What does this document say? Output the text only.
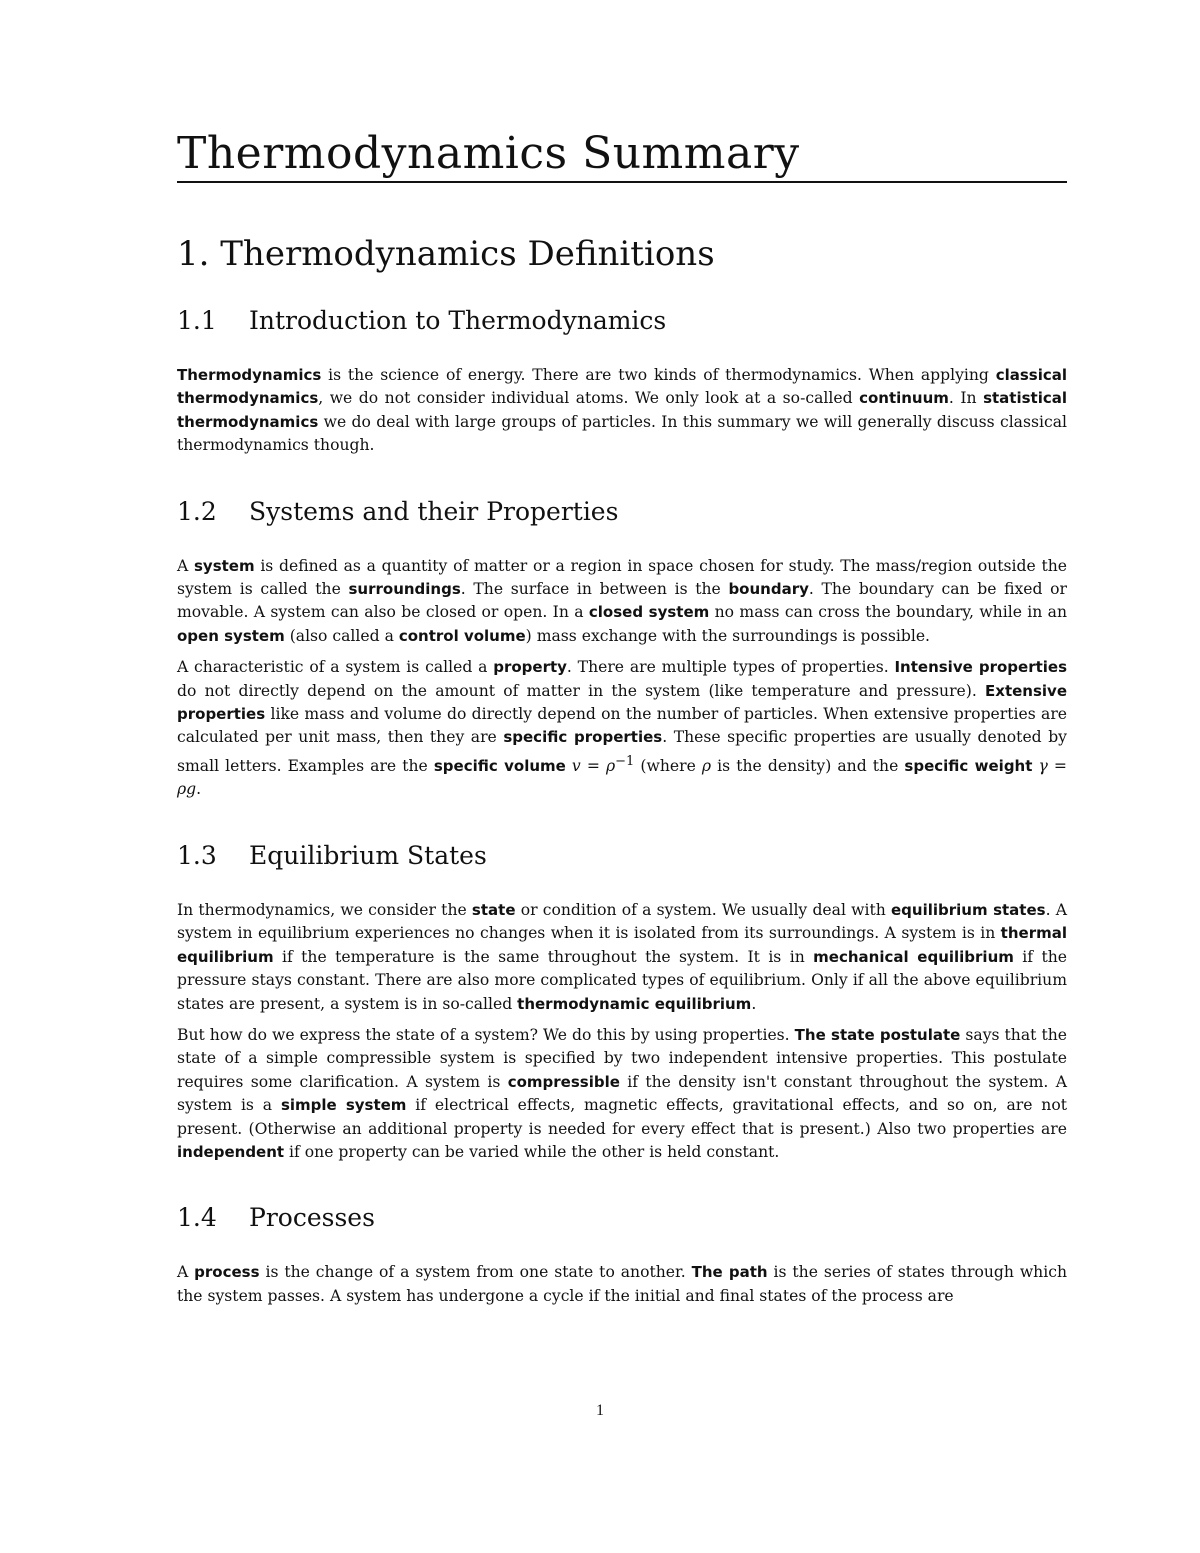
Thermodynamics Summary
1. Thermodynamics Definitions
1.1 Introduction to Thermodynamics

Thermodynamics is the science of energy. There are two kinds of thermodynamics. When applying classical thermodynamics, we do not consider individual atoms. We only look at a so-called continuum. In statistical thermodynamics we do deal with large groups of particles. In this summary we will generally discuss classical thermodynamics though.

1.2 Systems and their Properties

A system is defined as a quantity of matter or a region in space chosen for study. The mass/region outside the system is called the surroundings. The surface in between is the boundary. The boundary can be fixed or movable. A system can also be closed or open. In a closed system no mass can cross the boundary, while in an open system (also called a control volume) mass exchange with the surroundings is possible.

A characteristic of a system is called a property. There are multiple types of properties. Intensive properties do not directly depend on the amount of matter in the system (like temperature and pressure). Extensive properties like mass and volume do directly depend on the number of particles. When extensive properties are calculated per unit mass, then they are specific properties. These specific properties are usually denoted by small letters. Examples are the specific volume $v = \rho^{-1}$ (where ρ is the density) and the specific weight γ = ρg.

1.3 Equilibrium States

In thermodynamics, we consider the state or condition of a system. We usually deal with equilibrium states. A system in equilibrium experiences no changes when it is isolated from its surroundings. A system is in thermal equilibrium if the temperature is the same throughout the system. It is in mechanical equilibrium if the pressure stays constant. There are also more complicated types of equilibrium. Only if all the above equilibrium states are present, a system is in so-called thermodynamic equilibrium.

But how do we express the state of a system? We do this by using properties. The state postulate says that the state of a simple compressible system is specified by two independent intensive properties. This postulate requires some clarification. A system is compressible if the density isn't constant throughout the system. A system is a simple system if electrical effects, magnetic effects, gravitational effects, and so on, are not present. (Otherwise an additional property is needed for every effect that is present.) Also two properties are independent if one property can be varied while the other is held constant.

1.4 Processes

A process is the change of a system from one state to another. The path is the series of states through which the system passes. A system has undergone a cycle if the initial and final states of the process are

1
